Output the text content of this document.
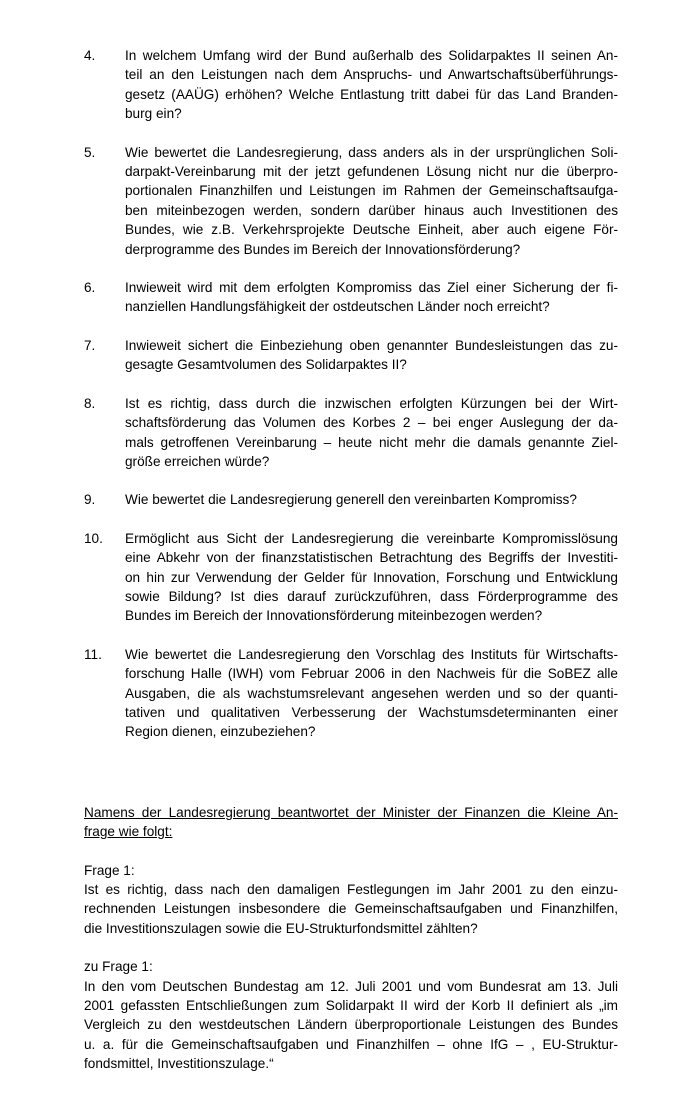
4.	In welchem Umfang wird der Bund außerhalb des Solidarpaktes II seinen An-
teil an den Leistungen nach dem Anspruchs- und Anwartschaftsüberführungs-
gesetz (AAÜG) erhöhen? Welche Entlastung tritt dabei für das Land Branden-
burg ein?
5.	Wie bewertet die Landesregierung, dass anders als in der ursprünglichen Soli-
darpakt-Vereinbarung mit der jetzt gefundenen Lösung nicht nur die überpro-
portionalen Finanzhilfen und Leistungen im Rahmen der Gemeinschaftsaufga-
ben miteinbezogen werden, sondern darüber hinaus auch Investitionen des
Bundes, wie z.B. Verkehrsprojekte Deutsche Einheit, aber auch eigene För-
derprogramme des Bundes im Bereich der Innovationsförderung?
6.	Inwieweit wird mit dem erfolgten Kompromiss das Ziel einer Sicherung der fi-
nanziellen Handlungsfähigkeit der ostdeutschen Länder noch erreicht?
7.	Inwieweit sichert die Einbeziehung oben genannter Bundesleistungen das zu-
gesagte Gesamtvolumen des Solidarpaktes II?
8.	Ist es richtig, dass durch die inzwischen erfolgten Kürzungen bei der Wirt-
schaftsförderung das Volumen des Korbes 2 – bei enger Auslegung der da-
mals getroffenen Vereinbarung – heute nicht mehr die damals genannte Ziel-
größe erreichen würde?
9.	Wie bewertet die Landesregierung generell den vereinbarten Kompromiss?
10.	Ermöglicht aus Sicht der Landesregierung die vereinbarte Kompromisslösung
eine Abkehr von der finanzstatistischen Betrachtung des Begriffs der Investiti-
on hin zur Verwendung der Gelder für Innovation, Forschung und Entwicklung
sowie Bildung? Ist dies darauf zurückzuführen, dass Förderprogramme des
Bundes im Bereich der Innovationsförderung miteinbezogen werden?
11.	Wie bewertet die Landesregierung den Vorschlag des Instituts für Wirtschafts-
forschung Halle (IWH) vom Februar 2006 in den Nachweis für die SoBEZ alle
Ausgaben, die als wachstumsrelevant angesehen werden und so der quanti-
tativen und qualitativen Verbesserung der Wachstumsdeterminanten einer
Region dienen, einzubeziehen?
Namens der Landesregierung beantwortet der Minister der Finanzen die Kleine An-
frage wie folgt:
Frage 1:
Ist es richtig, dass nach den damaligen Festlegungen im Jahr 2001 zu den einzu-
rechnenden Leistungen insbesondere die Gemeinschaftsaufgaben und Finanzhilfen,
die Investitionszulagen sowie die EU-Strukturfondsmittel zählten?
zu Frage 1:
In den vom Deutschen Bundestag am 12. Juli 2001 und vom Bundesrat am 13. Juli
2001 gefassten Entschließungen zum Solidarpakt II wird der Korb II definiert als „im
Vergleich zu den westdeutschen Ländern überproportionale Leistungen des Bundes
u. a. für die Gemeinschaftsaufgaben und Finanzhilfen – ohne IfG – , EU-Struktur-
fondsmittel, Investitionszulage.“
